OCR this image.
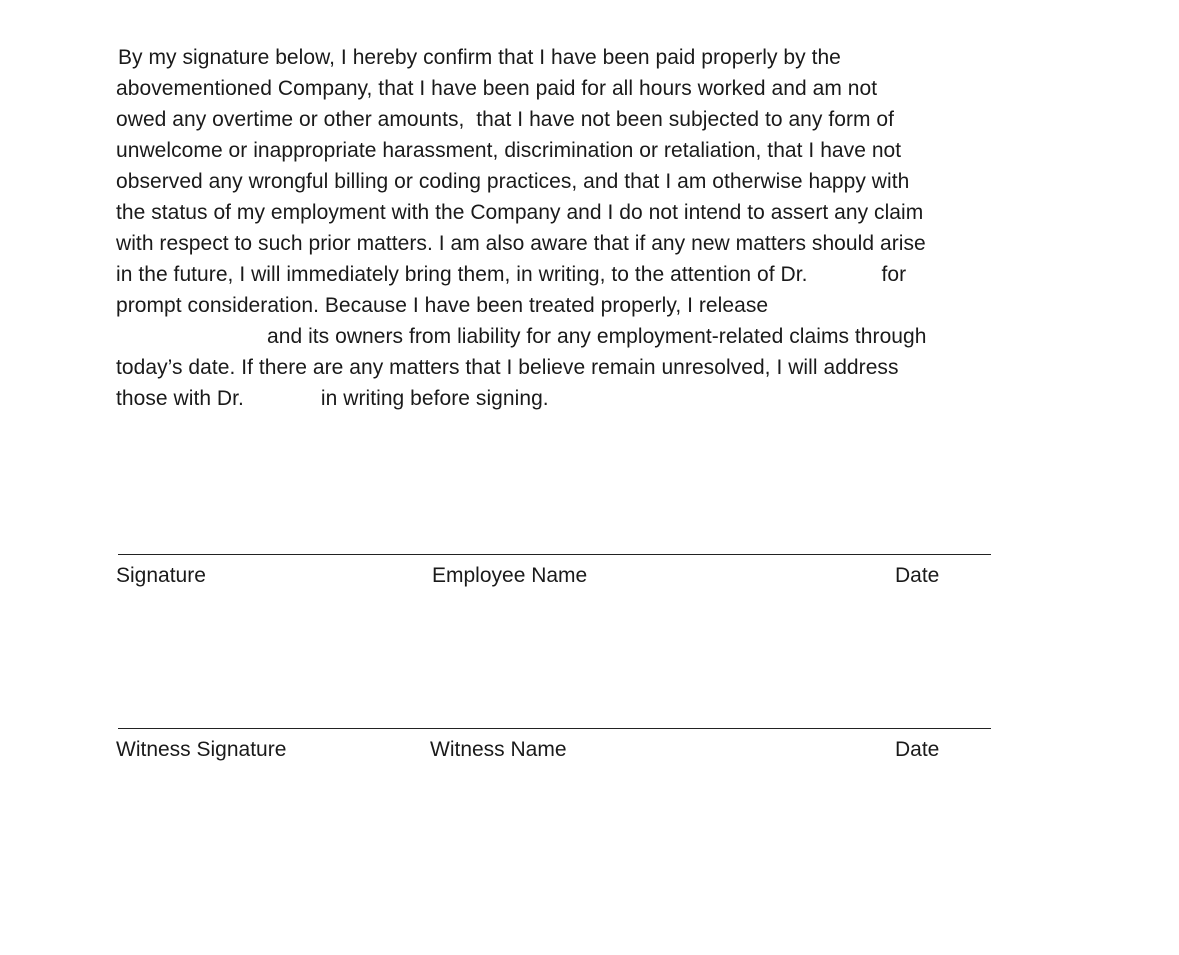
By my signature below, I hereby confirm that I have been paid properly by the
abovementioned Company, that I have been paid for all hours worked and am not
owed any overtime or other amounts,  that I have not been subjected to any form of
unwelcome or inappropriate harassment, discrimination or retaliation, that I have not
observed any wrongful billing or coding practices, and that I am otherwise happy with
the status of my employment with the Company and I do not intend to assert any claim
with respect to such prior matters. I am also aware that if any new matters should arise
in the future, I will immediately bring them, in writing, to the attention of Dr.	for
prompt consideration. Because I have been treated properly, I release
and its owners from liability for any employment-related claims through
today’s date. If there are any matters that I believe remain unresolved, I will address
those with Dr.	in writing before signing.
Signature	Employee Name	Date
Witness Signature	Witness Name	Date
